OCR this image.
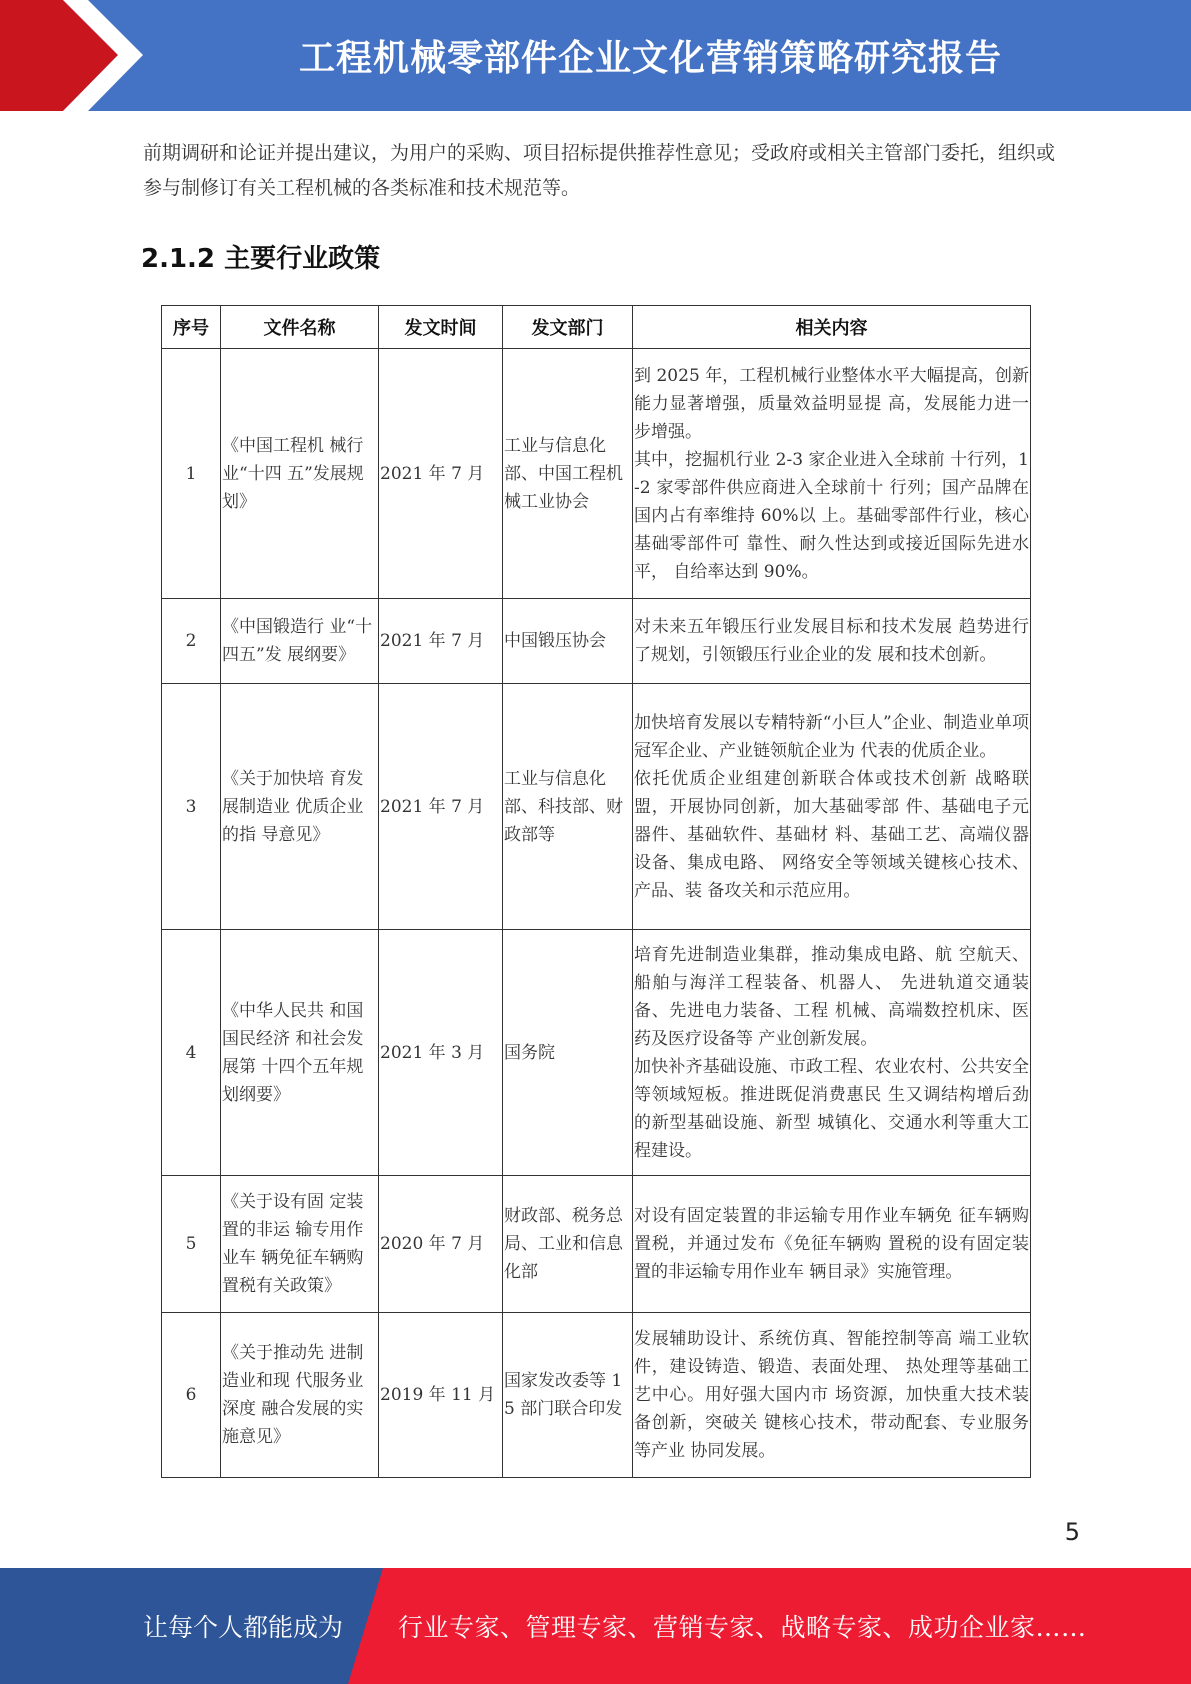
工程机械零部件企业文化营销策略研究报告
前期调研和论证并提出建议，为用户的采购、项目招标提供推荐性意见；受政府或相关主管部门委托，组织或参与制修订有关工程机械的各类标准和技术规范等。
2.1.2 主要行业政策
序号	文件名称	发文时间	发文部门	相关内容
1	《中国工程机 械行业“十四 五”发展规划》	2021 年 7 月	工业与信息化部、中国工程机械工业协会	到 2025 年，工程机械行业整体水平大幅提高，创新能力显著增强，质量效益明显提 高，发展能力进一步增强。
其中，挖掘机行业 2-3 家企业进入全球前 十行列，1-2 家零部件供应商进入全球前十 行列；国产品牌在国内占有率维持 60%以 上。基础零部件行业，核心基础零部件可 靠性、耐久性达到或接近国际先进水平， 自给率达到 90%。
2	《中国锻造行 业“十四五”发 展纲要》	2021 年 7 月	中国锻压协会	对未来五年锻压行业发展目标和技术发展 趋势进行了规划，引领锻压行业企业的发 展和技术创新。
3	《关于加快培 育发展制造业 优质企业的指 导意见》	2021 年 7 月	工业与信息化部、科技部、财政部等	加快培育发展以专精特新“小巨人”企业、制造业单项冠军企业、产业链领航企业为 代表的优质企业。
依托优质企业组建创新联合体或技术创新 战略联盟，开展协同创新，加大基础零部 件、基础电子元器件、基础软件、基础材 料、基础工艺、高端仪器设备、集成电路、 网络安全等领域关键核心技术、产品、装 备攻关和示范应用。
4	《中华人民共 和国国民经济 和社会发展第 十四个五年规 划纲要》	2021 年 3 月	国务院	培育先进制造业集群，推动集成电路、航 空航天、船舶与海洋工程装备、机器人、 先进轨道交通装备、先进电力装备、工程 机械、高端数控机床、医药及医疗设备等 产业创新发展。
加快补齐基础设施、市政工程、农业农村、公共安全等领域短板。推进既促消费惠民 生又调结构增后劲的新型基础设施、新型 城镇化、交通水利等重大工程建设。
5	《关于设有固 定装置的非运 输专用作业车 辆免征车辆购 置税有关政策》	2020 年 7 月	财政部、税务总局、工业和信息化部	对设有固定装置的非运输专用作业车辆免 征车辆购置税，并通过发布《免征车辆购 置税的设有固定装置的非运输专用作业车 辆目录》实施管理。
6	《关于推动先 进制造业和现 代服务业深度 融合发展的实 施意见》	2019 年 11 月	国家发改委等 15 部门联合印发	发展辅助设计、系统仿真、智能控制等高 端工业软件，建设铸造、锻造、表面处理、 热处理等基础工艺中心。用好强大国内市 场资源，加快重大技术装备创新，突破关 键核心技术，带动配套、专业服务等产业 协同发展。
5
让每个人都能成为 行业专家、管理专家、营销专家、战略专家、成功企业家……
